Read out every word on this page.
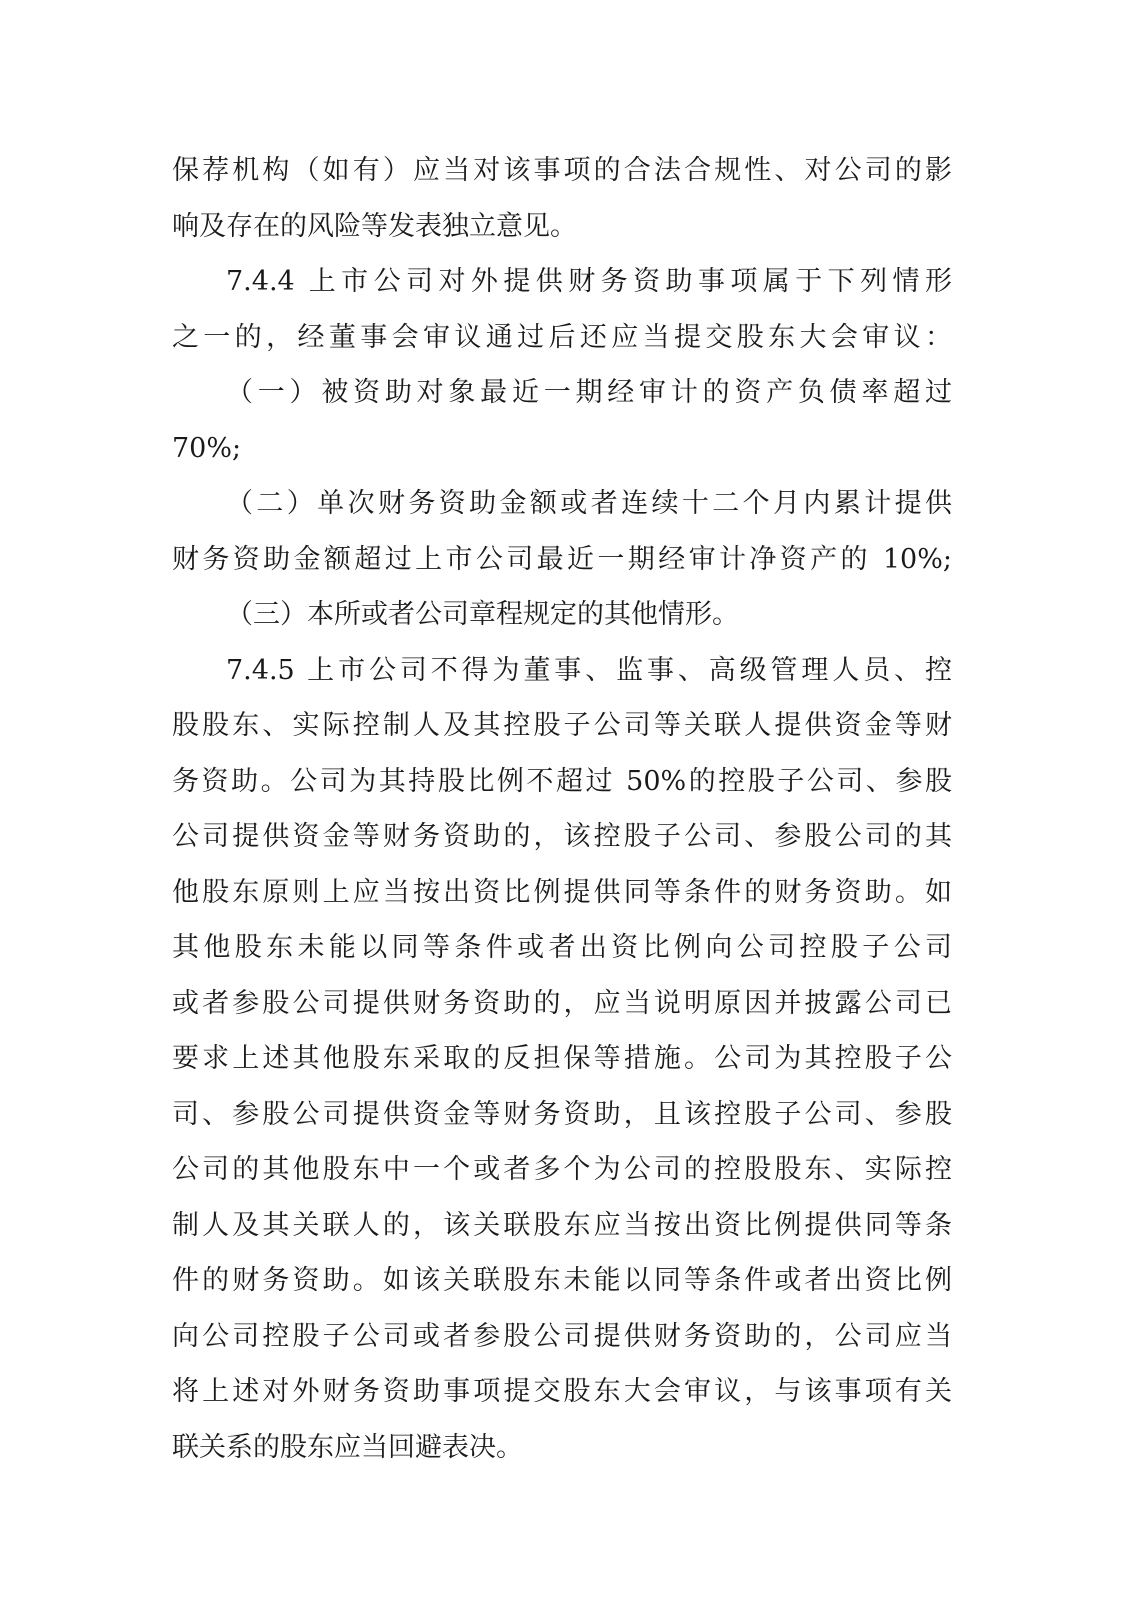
保荐机构（如有）应当对该事项的合法合规性、对公司的影
响及存在的风险等发表独立意见。
7.4.4 上市公司对外提供财务资助事项属于下列情形
之一的，经董事会审议通过后还应当提交股东大会审议：
（一）被资助对象最近一期经审计的资产负债率超过
70%;
（二）单次财务资助金额或者连续十二个月内累计提供
财务资助金额超过上市公司最近一期经审计净资产的 10%;
（三）本所或者公司章程规定的其他情形。
7.4.5 上市公司不得为董事、监事、高级管理人员、控
股股东、实际控制人及其控股子公司等关联人提供资金等财
务资助。公司为其持股比例不超过 50%的控股子公司、参股
公司提供资金等财务资助的，该控股子公司、参股公司的其
他股东原则上应当按出资比例提供同等条件的财务资助。如
其他股东未能以同等条件或者出资比例向公司控股子公司
或者参股公司提供财务资助的，应当说明原因并披露公司已
要求上述其他股东采取的反担保等措施。公司为其控股子公
司、参股公司提供资金等财务资助，且该控股子公司、参股
公司的其他股东中一个或者多个为公司的控股股东、实际控
制人及其关联人的，该关联股东应当按出资比例提供同等条
件的财务资助。如该关联股东未能以同等条件或者出资比例
向公司控股子公司或者参股公司提供财务资助的，公司应当
将上述对外财务资助事项提交股东大会审议，与该事项有关
联关系的股东应当回避表决。
